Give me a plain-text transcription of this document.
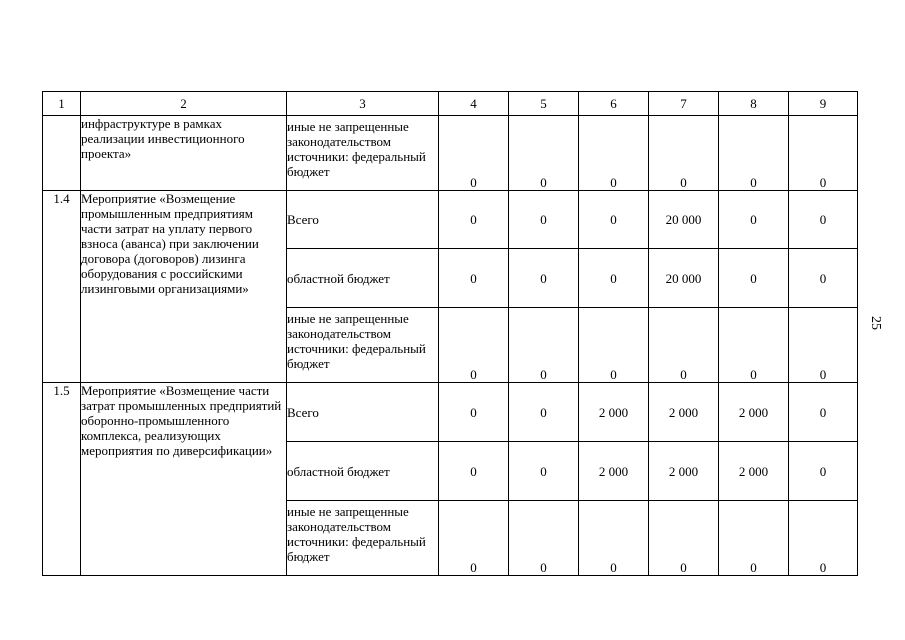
1	2	3	4	5	6	7	8	9
	инфраструктуре в рамках реализации инвестиционного проекта»	иные не запрещенные законодательством источники: федеральный бюджет	0	0	0	0	0	0
1.4	Мероприятие «Возмещение промышленным предприятиям части затрат на уплату первого взноса (аванса) при заключении договора (договоров) лизинга оборудования с российскими лизинговыми организациями»	Всего	0	0	0	20 000	0	0
		областной бюджет	0	0	0	20 000	0	0
		иные не запрещенные законодательством источники: федеральный бюджет	0	0	0	0	0	0
1.5	Мероприятие «Возмещение части затрат промышленных предприятий оборонно-промышленного комплекса, реализующих мероприятия по диверсификации»	Всего	0	0	2 000	2 000	2 000	0
		областной бюджет	0	0	2 000	2 000	2 000	0
		иные не запрещенные законодательством источники: федеральный бюджет	0	0	0	0	0	0
25
